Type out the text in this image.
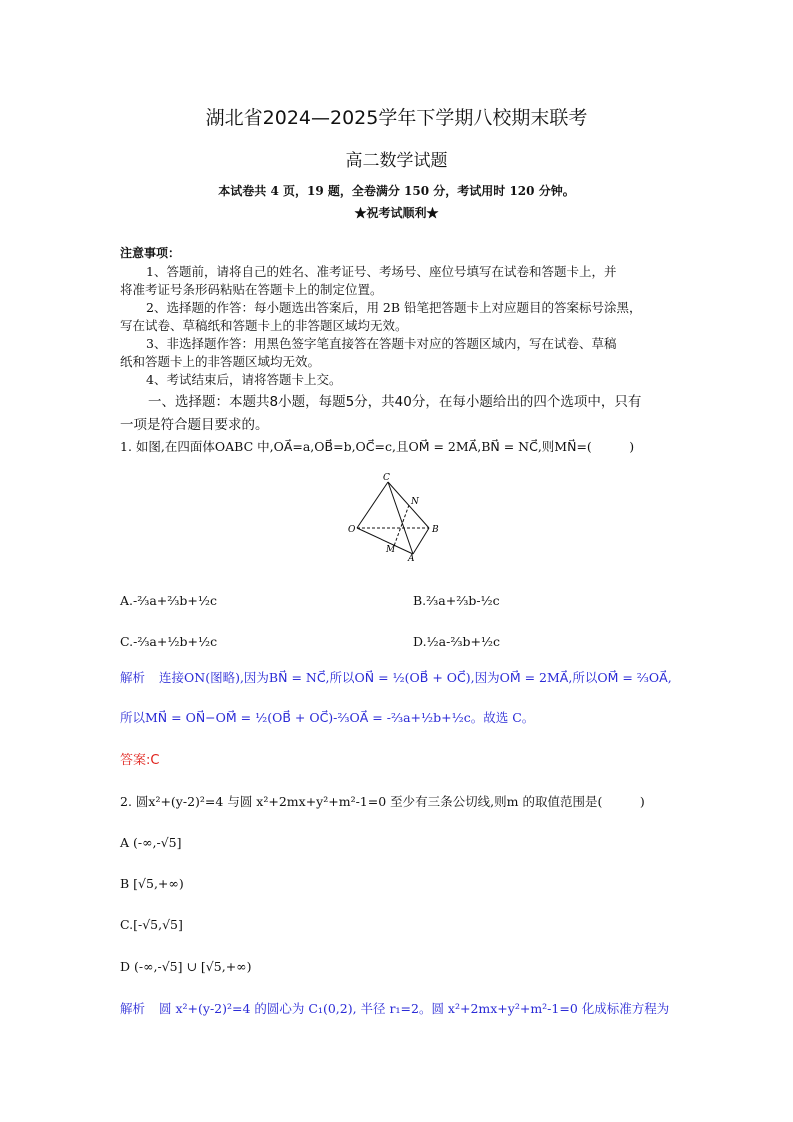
湖北省2024—2025学年下学期八校期末联考
高二数学试题
本试卷共 4 页，19 题，全卷满分 150 分，考试用时 120 分钟。
★祝考试顺利★
注意事项：
1、答题前，请将自己的姓名、准考证号、考场号、座位号填写在试卷和答题卡上，并
将准考证号条形码粘贴在答题卡上的制定位置。
2、选择题的作答：每小题选出答案后，用 2B 铅笔把答题卡上对应题目的答案标号涂黑，
写在试卷、草稿纸和答题卡上的非答题区域均无效。
3、非选择题作答：用黑色签字笔直接答在答题卡对应的答题区域内，写在试卷、草稿
纸和答题卡上的非答题区域均无效。
4、考试结束后，请将答题卡上交。
一、选择题：本题共8小题，每题5分，共40分，在每小题给出的四个选项中，只有
一项是符合题目要求的。
1. 如图,在四面体OABC 中,OA⃗=a,OB⃗=b,OC⃗=c,且OM⃗ = 2MA⃗,BN⃗ = NC⃗,则MN⃗=(　　　)
C
N
O	B
M
A
A.-⅔a+⅔b+½c	B.⅔a+⅔b-½c
C.-⅔a+½b+½c	D.½a-⅔b+½c
解析 连接ON(图略),因为BN⃗ = NC⃗,所以ON⃗ = ½(OB⃗ + OC⃗),因为OM⃗ = 2MA⃗,所以OM⃗ = ⅔OA⃗,
所以MN⃗ = ON⃗−OM⃗ = ½(OB⃗ + OC⃗)-⅔OA⃗ = -⅔a+½b+½c。故选 C。
答案:C
2. 圆x²+(y-2)²=4 与圆 x²+2mx+y²+m²-1=0 至少有三条公切线,则m 的取值范围是(　　　)
A (-∞,-√5]
B [√5,+∞)
C.[-√5,√5]
D (-∞,-√5] ∪ [√5,+∞)
解析 圆 x²+(y-2)²=4 的圆心为 C₁(0,2), 半径 r₁=2。圆 x²+2mx+y²+m²-1=0 化成标准方程为
